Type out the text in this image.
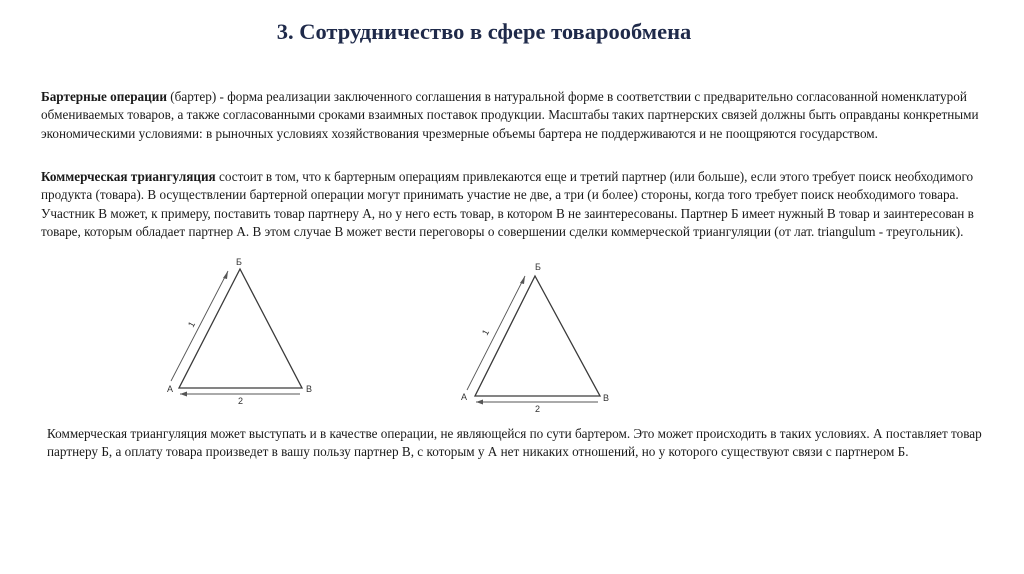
3. Сотрудничество в сфере товарообмена

Бартерные операции (бартер) - форма реализации заключенного соглашения в натуральной форме в соответствии с предварительно согласованной номенклатурой обмениваемых товаров, а также согласованными сроками взаимных поставок продукции. Масштабы таких партнерских связей должны быть оправданы конкретными экономическими условиями: в рыночных условиях хозяйствования чрезмерные объемы бартера не поддерживаются и не поощряются государством.

Коммерческая триангуляция состоит в том, что к бартерным операциям привлекаются еще и третий партнер (или больше), если этого требует поиск необходимого продукта (товара). В осуществлении бартерной операции могут принимать участие не две, а три (и более) стороны, когда того требует поиск необходимого товара. Участник В может, к примеру, поставить товар партнеру А, но у него есть товар, в котором В не заинтересованы. Партнер Б имеет нужный В товар и заинтересован в товаре, которым обладает партнер А. В этом случае В может вести переговоры о совершении сделки коммерческой триангуляции (от лат. triangulum - треугольник).

1
2
Б
А	В
1
2
Б
А	В

Коммерческая триангуляция может выступать и в качестве операции, не являющейся по сути бартером. Это может происходить в таких условиях. А поставляет товар партнеру Б, а оплату товара произведет в вашу пользу партнер В, с которым у А нет никаких отношений, но у которого существуют связи с партнером Б.
